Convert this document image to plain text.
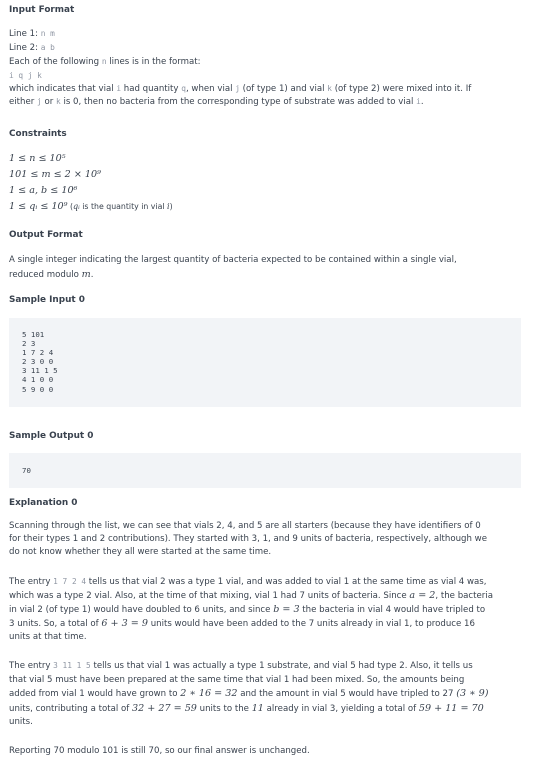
Input Format

Line 1: n m

Line 2: a b

Each of the following n lines is in the format:

i q j k

which indicates that vial i had quantity q, when vial j (of type 1) and vial k (of type 2) were mixed into it. If

either j or k is 0, then no bacteria from the corresponding type of substrate was added to vial i.

Constraints

1 ≤ n ≤ 10⁵

101 ≤ m ≤ 2 × 10⁹

1 ≤ a, b ≤ 10⁶

1 ≤ qᵢ ≤ 10⁹ (qᵢ is the quantity in vial i)

Output Format

A single integer indicating the largest quantity of bacteria expected to be contained within a single vial,

reduced modulo m.

Sample Input 0
5 101
2 3
1 7 2 4
2 3 0 0
3 11 1 5
4 1 0 0
5 9 0 0
Sample Output 0
70
Explanation 0

Scanning through the list, we can see that vials 2, 4, and 5 are all starters (because they have identifiers of 0

for their types 1 and 2 contributions). They started with 3, 1, and 9 units of bacteria, respectively, although we

do not know whether they all were started at the same time.

The entry 1 7 2 4 tells us that vial 2 was a type 1 vial, and was added to vial 1 at the same time as vial 4 was,

which was a type 2 vial. Also, at the time of that mixing, vial 1 had 7 units of bacteria. Since a = 2, the bacteria

in vial 2 (of type 1) would have doubled to 6 units, and since b = 3 the bacteria in vial 4 would have tripled to

3 units. So, a total of 6 + 3 = 9 units would have been added to the 7 units already in vial 1, to produce 16

units at that time.

The entry 3 11 1 5 tells us that vial 1 was actually a type 1 substrate, and vial 5 had type 2. Also, it tells us

that vial 5 must have been prepared at the same time that vial 1 had been mixed. So, the amounts being

added from vial 1 would have grown to 2 ∗ 16 = 32 and the amount in vial 5 would have tripled to 27 (3 ∗ 9)

units, contributing a total of 32 + 27 = 59 units to the 11 already in vial 3, yielding a total of 59 + 11 = 70

units.

Reporting 70 modulo 101 is still 70, so our final answer is unchanged.
